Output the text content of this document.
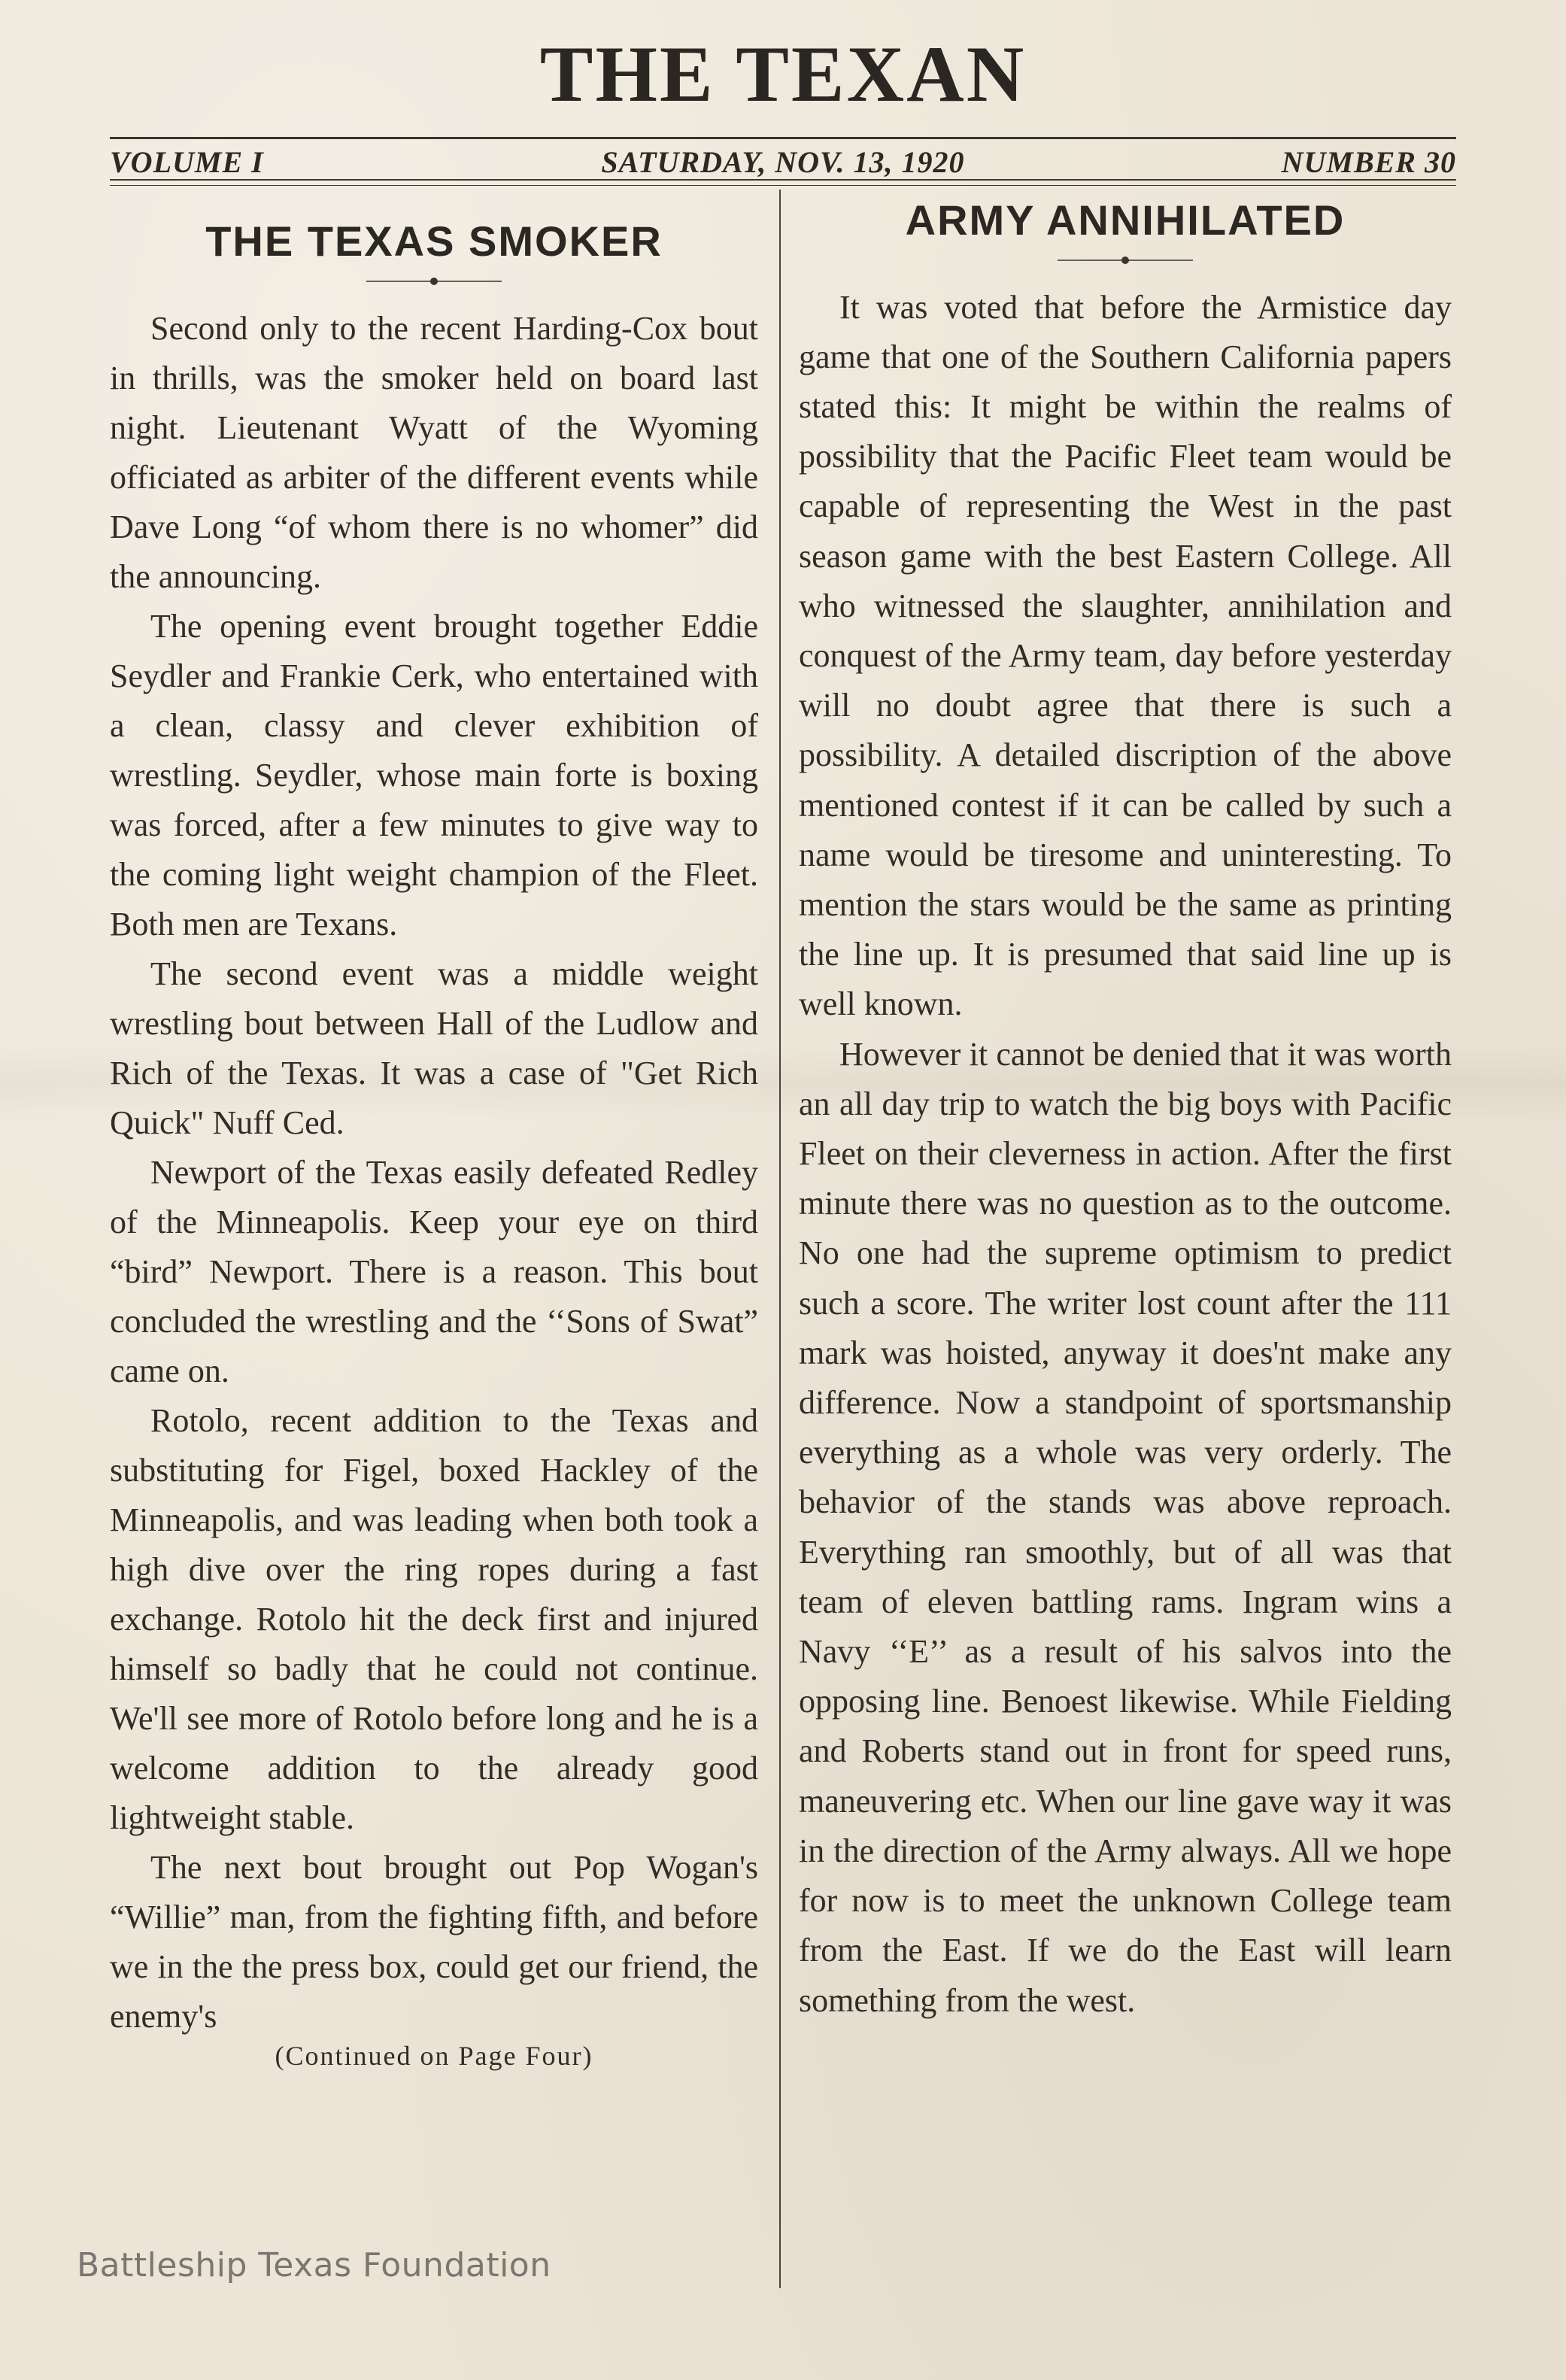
THE TEXAN
VOLUME I	SATURDAY, NOV. 13, 1920	NUMBER 30
THE TEXAS SMOKER

Second only to the recent Harding-Cox bout in thrills, was the smoker held on board last night. Lieutenant Wyatt of the Wyoming officiated as arbiter of the different events while Dave Long “of whom there is no whomer” did the announcing.

The opening event brought together Eddie Seydler and Frankie Cerk, who entertained with a clean, classy and clever exhibition of wrestling. Seydler, whose main forte is boxing was forced, after a few minutes to give way to the coming light weight champion of the Fleet. Both men are Texans.

The second event was a middle weight wrestling bout between Hall of the Ludlow and Rich of the Texas. It was a case of "Get Rich Quick" Nuff Ced.

Newport of the Texas easily defeated Redley of the Minneapolis. Keep your eye on third “bird” Newport. There is a reason. This bout concluded the wrestling and the ‘‘Sons of Swat” came on.

Rotolo, recent addition to the Texas and substituting for Figel, boxed Hackley of the Minneapolis, and was leading when both took a high dive over the ring ropes during a fast exchange. Rotolo hit the deck first and injured himself so badly that he could not continue. We'll see more of Rotolo before long and he is a welcome addition to the already good lightweight stable.

The next bout brought out Pop Wogan's “Willie” man, from the fighting fifth, and before we in the the press box, could get our friend, the enemy's

(Continued on Page Four)
ARMY ANNIHILATED

It was voted that before the Armistice day game that one of the Southern California papers stated this: It might be within the realms of possibility that the Pacific Fleet team would be capable of representing the West in the past season game with the best Eastern College. All who witnessed the slaughter, annihilation and conquest of the Army team, day before yesterday will no doubt agree that there is such a possibility. A detailed discription of the above mentioned contest if it can be called by such a name would be tiresome and uninteresting. To mention the stars would be the same as printing the line up. It is presumed that said line up is well known.

However it cannot be denied that it was worth an all day trip to watch the big boys with Pacific Fleet on their cleverness in action. After the first minute there was no question as to the outcome. No one had the supreme optimism to predict such a score. The writer lost count after the 111 mark was hoisted, anyway it does'nt make any difference. Now a standpoint of sportsmanship everything as a whole was very orderly. The behavior of the stands was above reproach. Everything ran smoothly, but of all was that team of eleven battling rams. Ingram wins a Navy ‘‘E’’ as a result of his salvos into the opposing line. Benoest likewise. While Fielding and Roberts stand out in front for speed runs, maneuvering etc. When our line gave way it was in the direction of the Army always. All we hope for now is to meet the unknown College team from the East. If we do the East will learn something from the west.

Battleship Texas Foundation
